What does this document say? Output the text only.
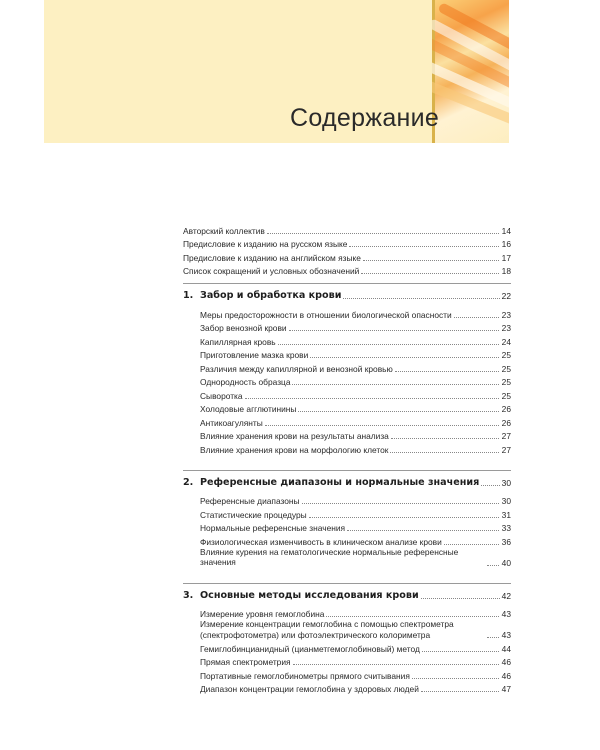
Содержание
Авторский коллектив	14
Предисловие к изданию на русском языке	16
Предисловие к изданию на английском языке	17
Список сокращений и условных обозначений	18
1. Забор и обработка крови	22
Меры предосторожности в отношении биологической опасности	23
Забор венозной крови	23
Капиллярная кровь	24
Приготовление мазка крови	25
Различия между капиллярной и венозной кровью	25
Однородность образца	25
Сыворотка	25
Холодовые агглютинины	26
Антикоагулянты	26
Влияние хранения крови на результаты анализа	27
Влияние хранения крови на морфологию клеток	27
2. Референсные диапазоны и нормальные значения	30
Референсные диапазоны	30
Статистические процедуры	31
Нормальные референсные значения	33
Физиологическая изменчивость в клиническом анализе крови	36
Влияние курения на гематологические нормальные референсные значения	40
3. Основные методы исследования крови	42
Измерение уровня гемоглобина	43
Измерение концентрации гемоглобина с помощью спектрометра (спектрофотометра) или фотоэлектрического колориметра	43
Гемиглобинцианидный (цианметгемоглобиновый) метод	44
Прямая спектрометрия	46
Портативные гемоглобинометры прямого считывания	46
Диапазон концентрации гемоглобина у здоровых людей	47
